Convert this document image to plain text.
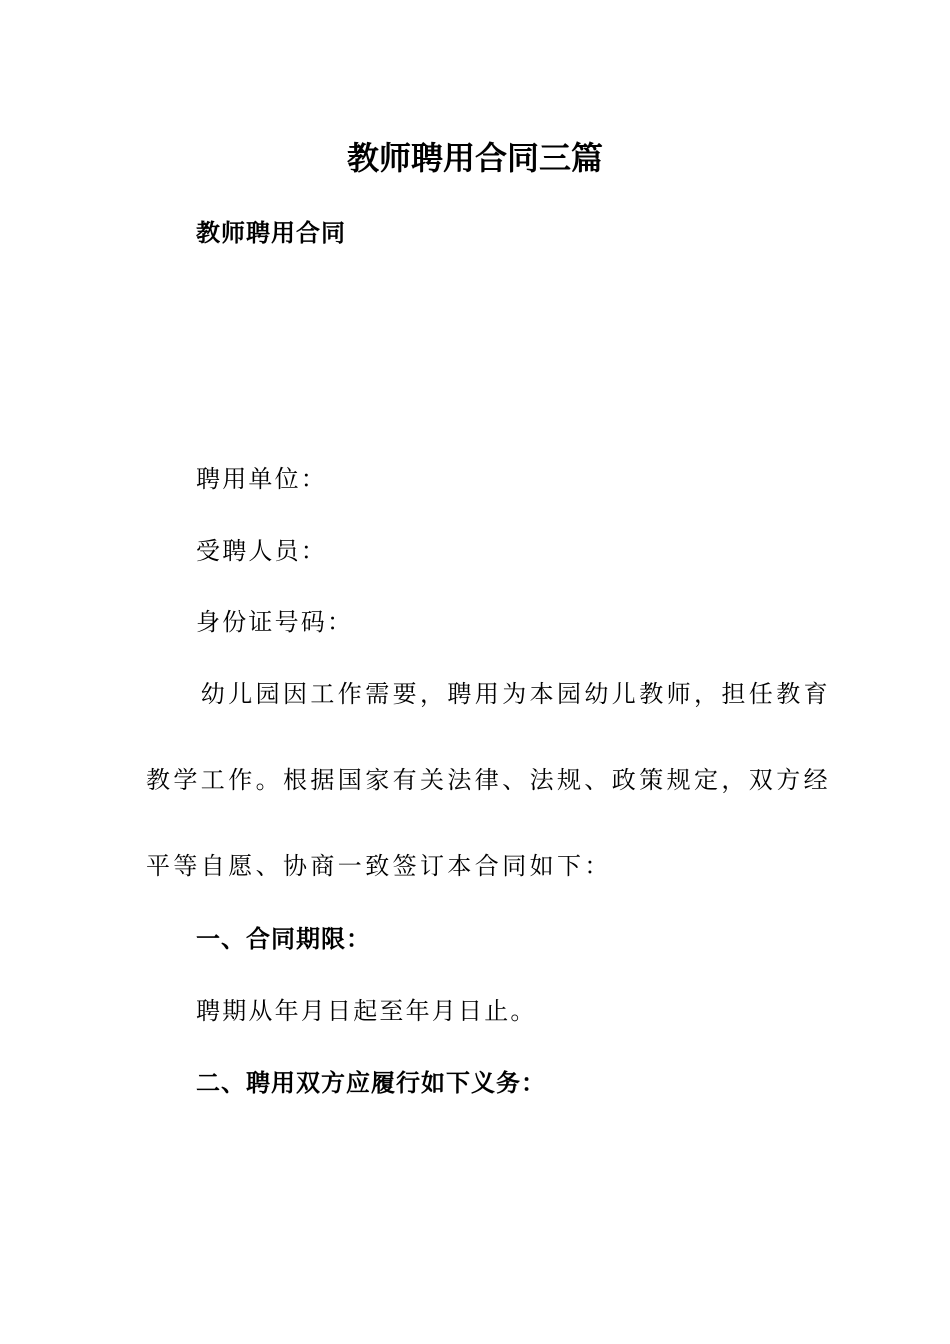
教师聘用合同三篇
教师聘用合同
聘用单位：
受聘人员：
身份证号码：
　　幼儿园因工作需要，聘用为本园幼儿教师，担任教育
教学工作。根据国家有关法律、法规、政策规定，双方经
平等自愿、协商一致签订本合同如下：
一、合同期限：
聘期从年月日起至年月日止。
二、聘用双方应履行如下义务：
